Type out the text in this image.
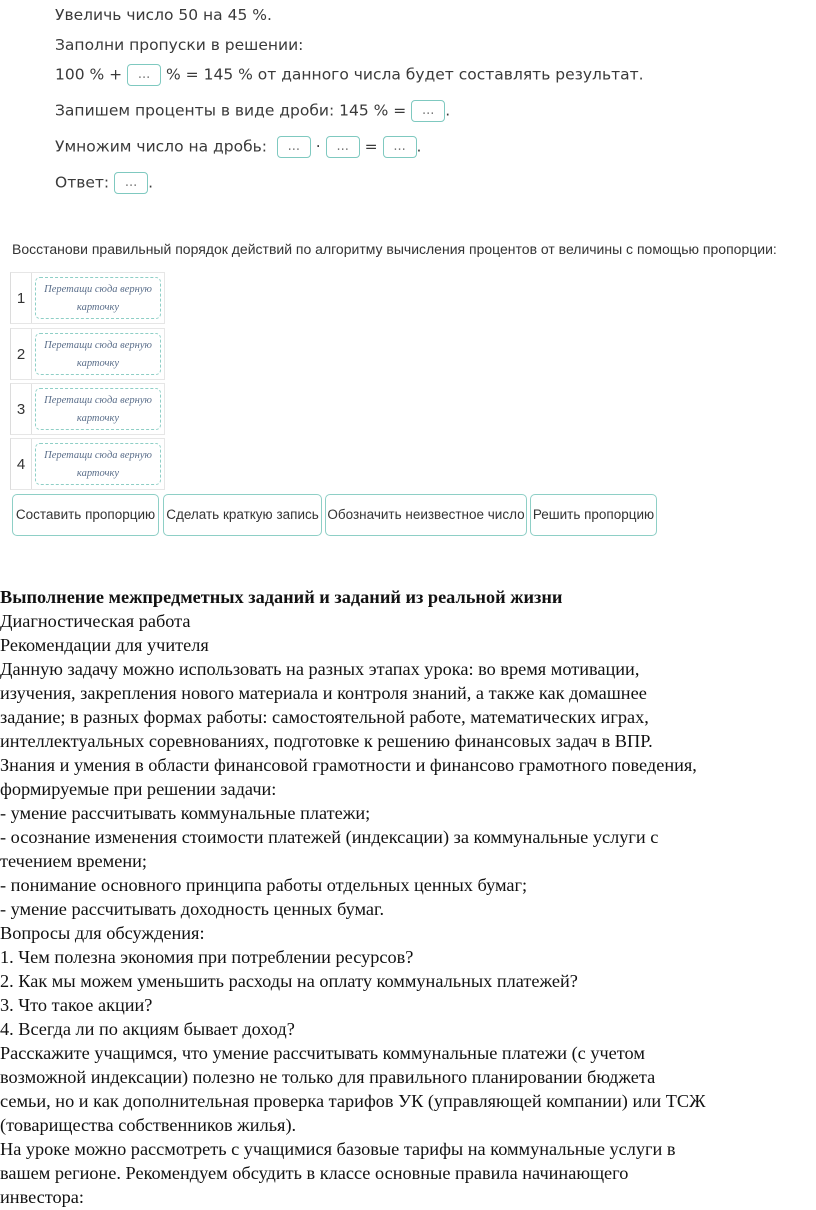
Увеличь число 50 на 45 %.
Заполни пропуски в решении:
100 % + ... % = 145 % от данного числа будет составлять результат.
Запишем проценты в виде дроби: 145 % = ... .
Умножим число на дробь: ... · ... = ... .
Ответ: ... .
Восстанови правильный порядок действий по алгоритму вычисления процентов от величины с помощью пропорции:
1
Перетащи сюда верную
карточку
2
Перетащи сюда верную
карточку
3
Перетащи сюда верную
карточку
4
Перетащи сюда верную
карточку
Составить пропорцию Сделать краткую запись Обозначить неизвестное число Решить пропорцию
Выполнение межпредметных заданий и заданий из реальной жизни
Диагностическая работа
Рекомендации для учителя
Данную задачу можно использовать на разных этапах урока: во время мотивации,
изучения, закрепления нового материала и контроля знаний, а также как домашнее
задание; в разных формах работы: самостоятельной работе, математических играх,
интеллектуальных соревнованиях, подготовке к решению финансовых задач в ВПР.
Знания и умения в области финансовой грамотности и финансово грамотного поведения,
формируемые при решении задачи:
- умение рассчитывать коммунальные платежи;
- осознание изменения стоимости платежей (индексации) за коммунальные услуги с
течением времени;
- понимание основного принципа работы отдельных ценных бумаг;
- умение рассчитывать доходность ценных бумаг.
Вопросы для обсуждения:
1. Чем полезна экономия при потреблении ресурсов?
2. Как мы можем уменьшить расходы на оплату коммунальных платежей?
3. Что такое акции?
4. Всегда ли по акциям бывает доход?
Расскажите учащимся, что умение рассчитывать коммунальные платежи (с учетом
возможной индексации) полезно не только для правильного планировании бюджета
семьи, но и как дополнительная проверка тарифов УК (управляющей компании) или ТСЖ
(товарищества собственников жилья).
На уроке можно рассмотреть с учащимися базовые тарифы на коммунальные услуги в
вашем регионе. Рекомендуем обсудить в классе основные правила начинающего
инвестора:
